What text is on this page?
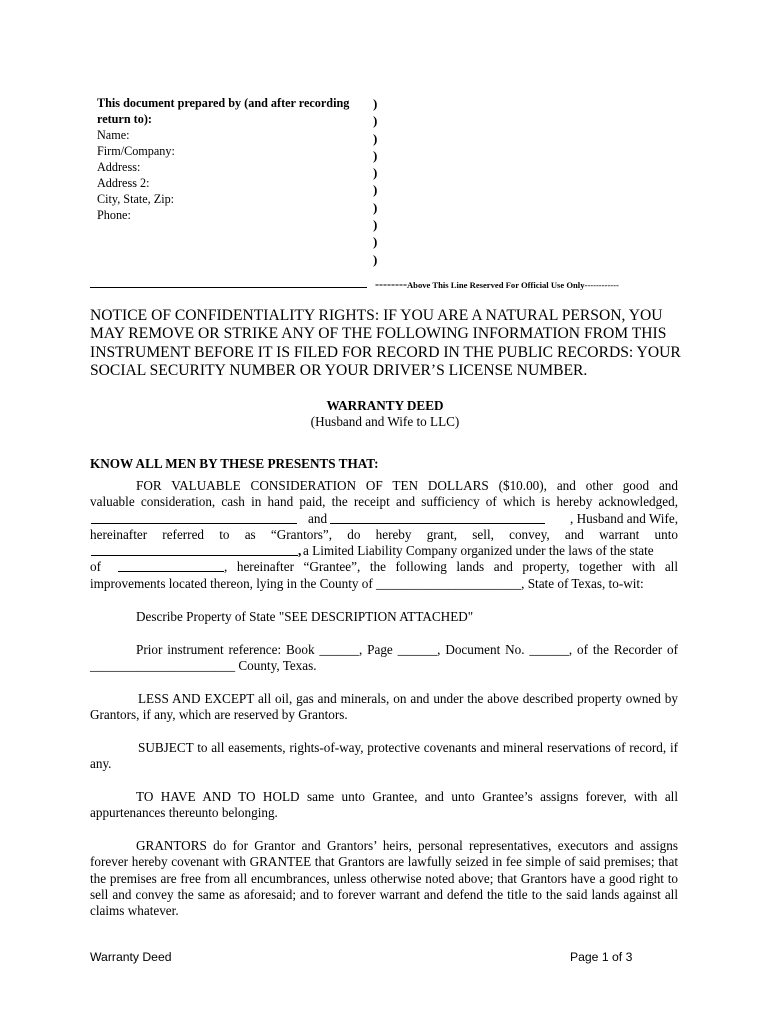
This document prepared by (and after recording
return to):
Name:
Firm/Company:
Address:
Address 2:
City, State, Zip:
Phone:
)
)
)
)
)
)
)
)
)
)
--------Above This Line Reserved For Official Use Only------------
NOTICE OF CONFIDENTIALITY RIGHTS: IF YOU ARE A NATURAL PERSON, YOU MAY REMOVE OR STRIKE ANY OF THE FOLLOWING INFORMATION FROM THIS INSTRUMENT BEFORE IT IS FILED FOR RECORD IN THE PUBLIC RECORDS: YOUR SOCIAL SECURITY NUMBER OR YOUR DRIVER’S LICENSE NUMBER.
WARRANTY DEED
(Husband and Wife to LLC)
KNOW ALL MEN BY THESE PRESENTS THAT:
FOR VALUABLE CONSIDERATION OF TEN DOLLARS ($10.00), and other good and
valuable consideration, cash in hand paid, the receipt and sufficiency of which is hereby acknowledged,
and	, Husband and Wife,
hereinafter referred to as “Grantors”, do hereby grant, sell, convey, and warrant unto
, a Limited Liability Company organized under the laws of the state
of	, hereinafter “Grantee”, the following lands and property, together with all
improvements located thereon, lying in the County of ______________________, State of Texas, to-wit:
Describe Property of State "SEE DESCRIPTION ATTACHED"
Prior instrument reference: Book ______, Page ______, Document No. ______, of the Recorder of
______________________ County, Texas.
LESS AND EXCEPT all oil, gas and minerals, on and under the above described property owned by Grantors, if any, which are reserved by Grantors.
SUBJECT to all easements, rights-of-way, protective covenants and mineral reservations of record, if any.
TO HAVE AND TO HOLD same unto Grantee, and unto Grantee’s assigns forever, with all appurtenances thereunto belonging.
GRANTORS do for Grantor and Grantors’ heirs, personal representatives, executors and assigns forever hereby covenant with GRANTEE that Grantors are lawfully seized in fee simple of said premises; that the premises are free from all encumbrances, unless otherwise noted above; that Grantors have a good right to sell and convey the same as aforesaid; and to forever warrant and defend the title to the said lands against all claims whatever.
Warranty Deed	Page 1 of 3
